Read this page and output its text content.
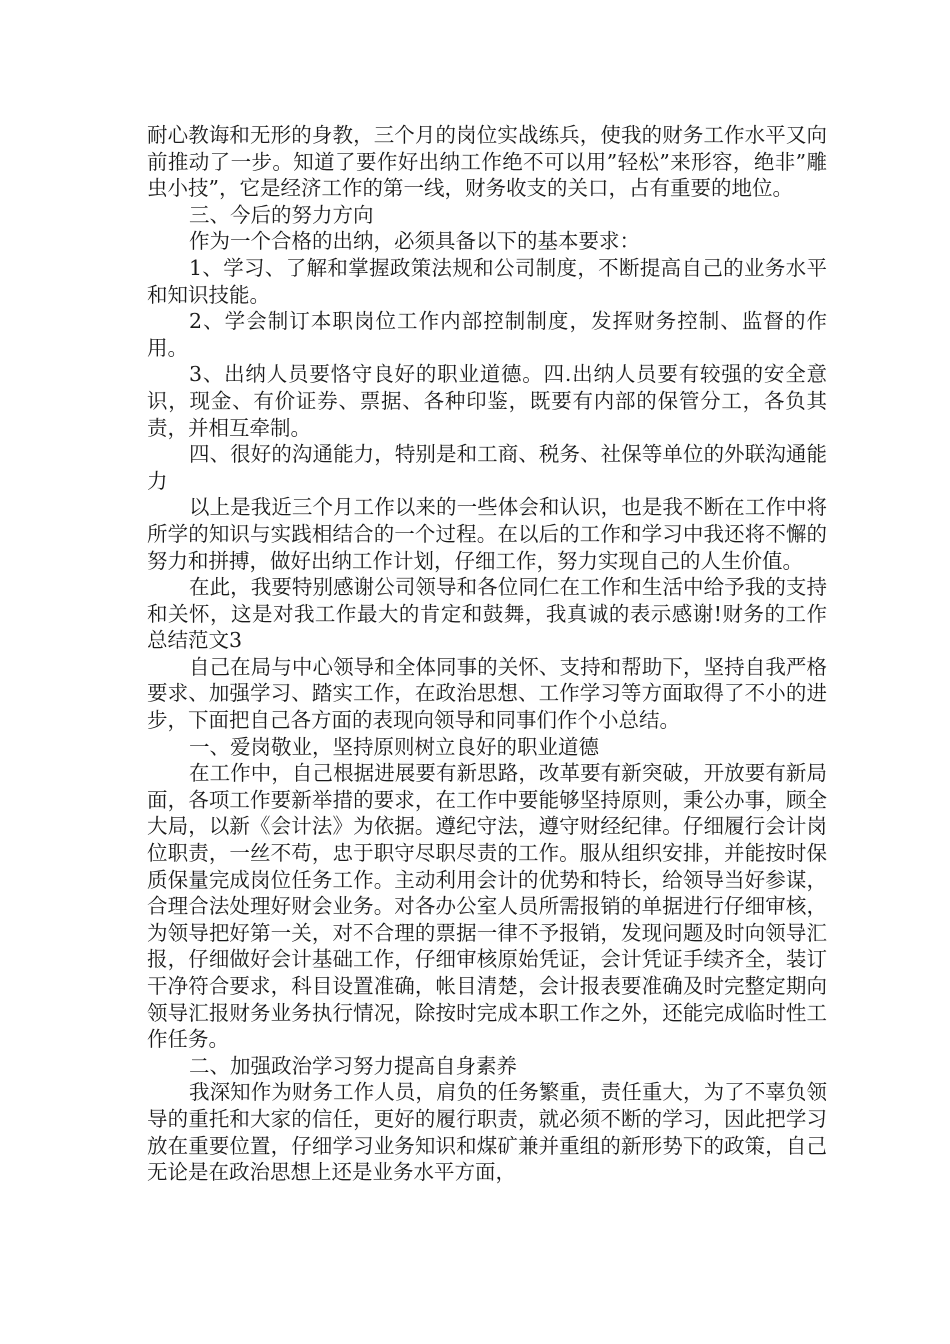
耐心教诲和无形的身教，三个月的岗位实战练兵，使我的财务工作水平又向前推动了一步。知道了要作好出纳工作绝不可以用”轻松”来形容，绝非”雕虫小技”，它是经济工作的第一线，财务收支的关口，占有重要的地位。

三、今后的努力方向

作为一个合格的出纳，必须具备以下的基本要求：

1、学习、了解和掌握政策法规和公司制度，不断提高自己的业务水平和知识技能。

2、学会制订本职岗位工作内部控制制度，发挥财务控制、监督的作用。

3、出纳人员要恪守良好的职业道德。四.出纳人员要有较强的安全意识，现金、有价证券、票据、各种印鉴，既要有内部的保管分工，各负其责，并相互牵制。

四、很好的沟通能力，特别是和工商、税务、社保等单位的外联沟通能力

以上是我近三个月工作以来的一些体会和认识，也是我不断在工作中将所学的知识与实践相结合的一个过程。在以后的工作和学习中我还将不懈的努力和拼搏，做好出纳工作计划，仔细工作，努力实现自己的人生价值。

在此，我要特别感谢公司领导和各位同仁在工作和生活中给予我的支持和关怀，这是对我工作最大的肯定和鼓舞，我真诚的表示感谢!财务的工作总结范文3

自己在局与中心领导和全体同事的关怀、支持和帮助下，坚持自我严格要求、加强学习、踏实工作，在政治思想、工作学习等方面取得了不小的进步，下面把自己各方面的表现向领导和同事们作个小总结。

一、爱岗敬业，坚持原则树立良好的职业道德

在工作中，自己根据进展要有新思路，改革要有新突破，开放要有新局面，各项工作要新举措的要求，在工作中要能够坚持原则，秉公办事，顾全大局，以新《会计法》为依据。遵纪守法，遵守财经纪律。仔细履行会计岗位职责，一丝不苟，忠于职守尽职尽责的工作。服从组织安排，并能按时保质保量完成岗位任务工作。主动利用会计的优势和特长，给领导当好参谋，合理合法处理好财会业务。对各办公室人员所需报销的单据进行仔细审核，为领导把好第一关，对不合理的票据一律不予报销，发现问题及时向领导汇报，仔细做好会计基础工作，仔细审核原始凭证，会计凭证手续齐全，装订干净符合要求，科目设置准确，帐目清楚，会计报表要准确及时完整定期向领导汇报财务业务执行情况，除按时完成本职工作之外，还能完成临时性工作任务。

二、加强政治学习努力提高自身素养

我深知作为财务工作人员，肩负的任务繁重，责任重大，为了不辜负领导的重托和大家的信任，更好的履行职责，就必须不断的学习，因此把学习放在重要位置，仔细学习业务知识和煤矿兼并重组的新形势下的政策，自己无论是在政治思想上还是业务水平方面，
